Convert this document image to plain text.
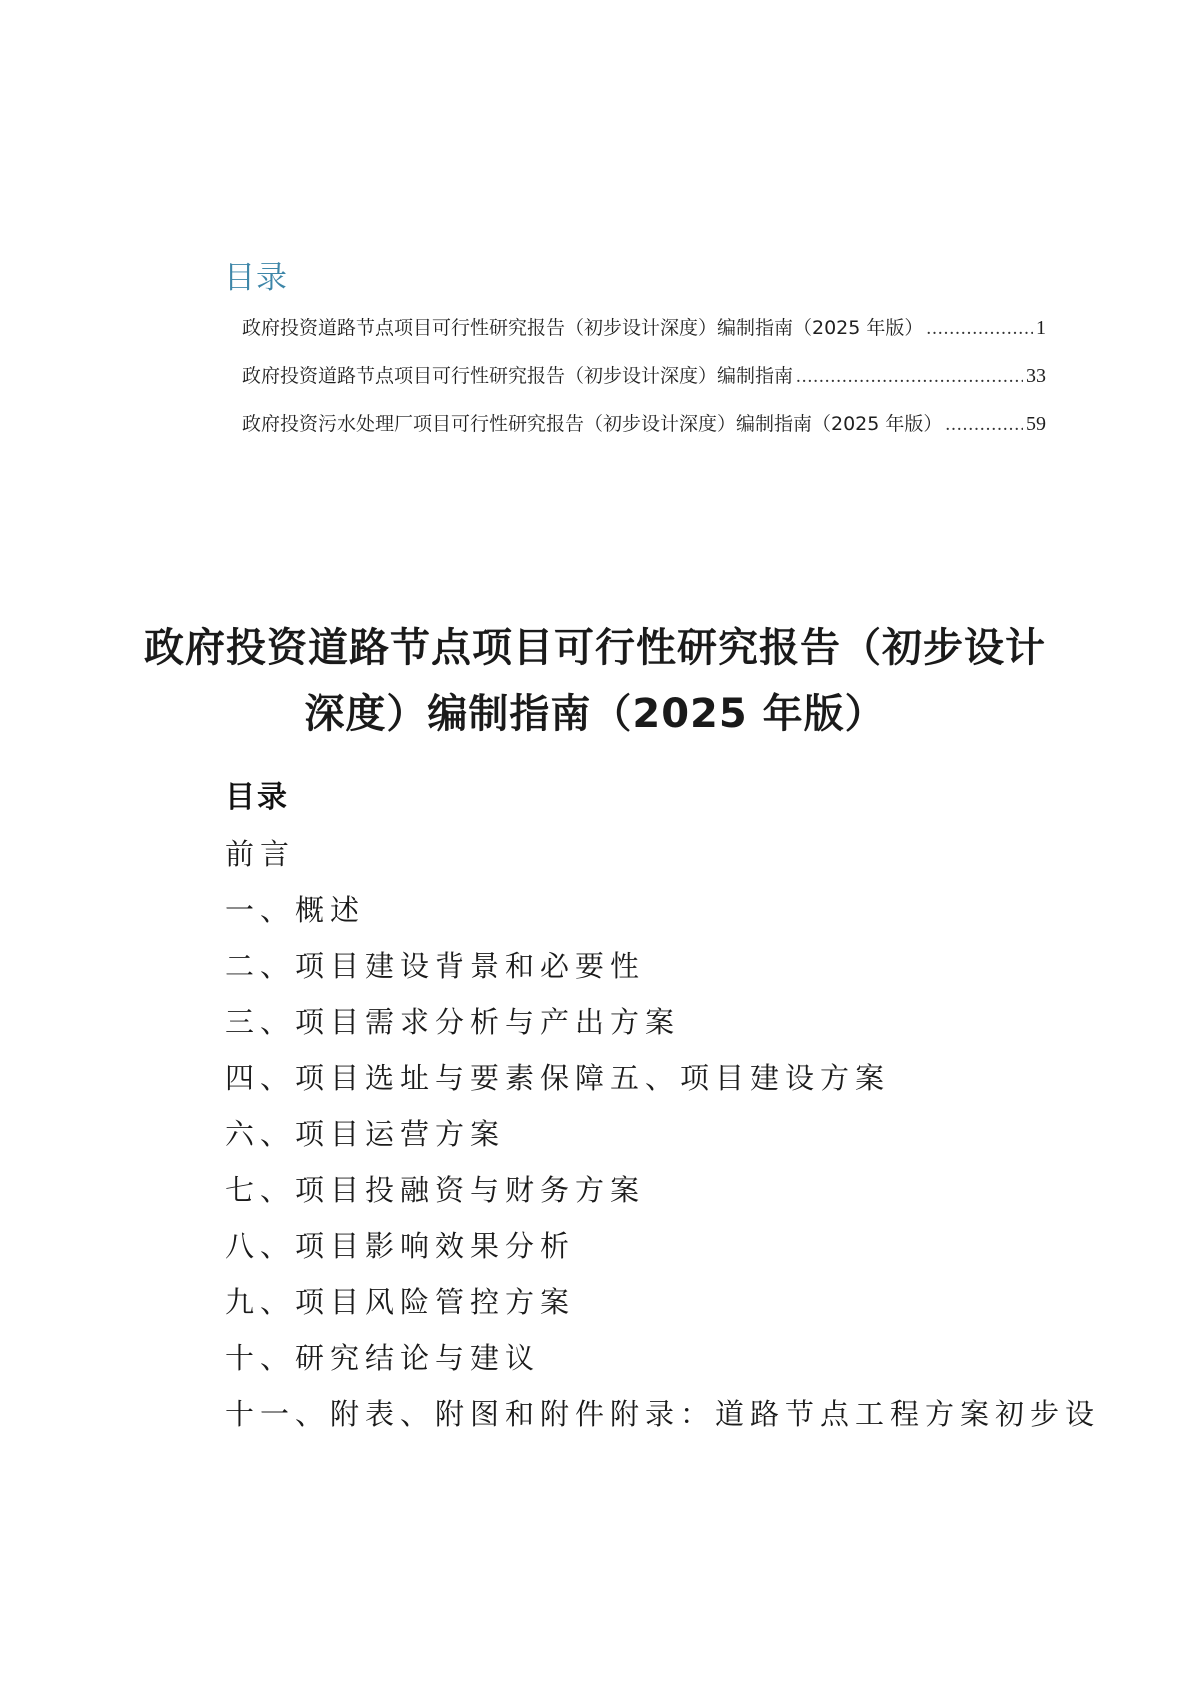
目录
政府投资道路节点项目可行性研究报告（初步设计深度）编制指南（2025 年版） .....	1
政府投资道路节点项目可行性研究报告（初步设计深度）编制指南 .....	33
政府投资污水处理厂项目可行性研究报告（初步设计深度）编制指南（2025 年版） .....	59
政府投资道路节点项目可行性研究报告（初步设计
深度）编制指南（2025 年版）
目录
前言
一、概述
二、项目建设背景和必要性
三、项目需求分析与产出方案
四、项目选址与要素保障五、项目建设方案
六、项目运营方案
七、项目投融资与财务方案
八、项目影响效果分析
九、项目风险管控方案
十、研究结论与建议
十一、附表、附图和附件附录：道路节点工程方案初步设
